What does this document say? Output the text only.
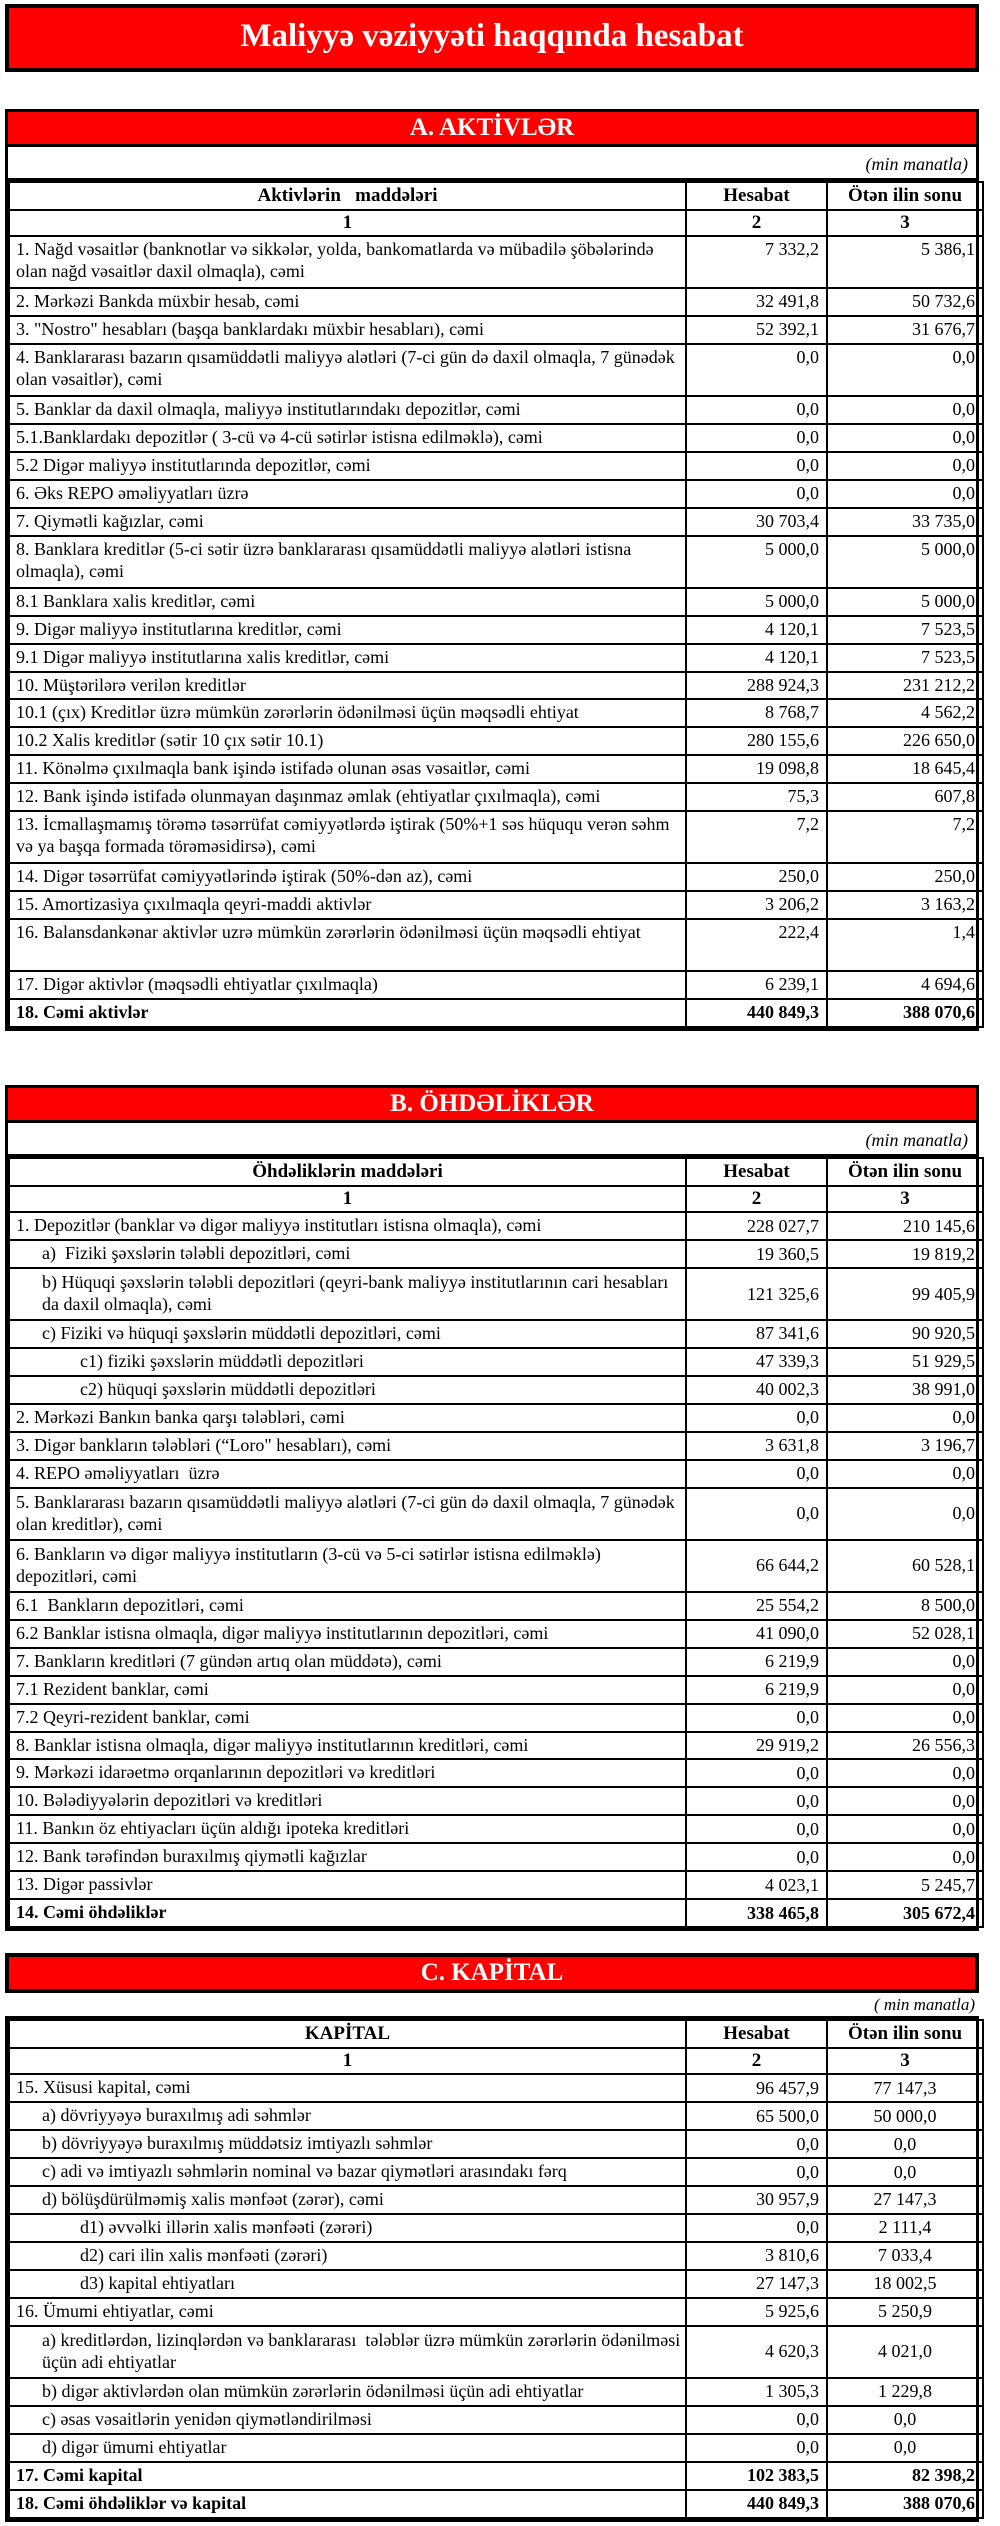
Maliyyə vəziyyəti haqqında hesabat
A. AKTİVLƏR
(min manatla)
Aktivlərin   maddələri	Hesabat	Ötən ilin sonu
1	2	3
1. Nağd vəsaitlər (banknotlar və sikkələr, yolda, bankomatlarda və mübadilə şöbələrində olan nağd vəsaitlər daxil olmaqla), cəmi	7 332,2	5 386,1
2. Mərkəzi Bankda müxbir hesab, cəmi	32 491,8	50 732,6
3. "Nostro" hesabları (başqa banklardakı müxbir hesabları), cəmi	52 392,1	31 676,7
4. Banklararası bazarın qısamüddətli maliyyə alətləri (7-ci gün də daxil olmaqla, 7 günədək olan vəsaitlər), cəmi	0,0	0,0
5. Banklar da daxil olmaqla, maliyyə institutlarındakı depozitlər, cəmi	0,0	0,0
5.1.Banklardakı depozitlər ( 3-cü və 4-cü sətirlər istisna edilməklə), cəmi	0,0	0,0
5.2 Digər maliyyə institutlarında depozitlər, cəmi	0,0	0,0
6. Əks REPO əməliyyatları üzrə	0,0	0,0
7. Qiymətli kağızlar, cəmi	30 703,4	33 735,0
8. Banklara kreditlər (5-ci sətir üzrə banklararası qısamüddətli maliyyə alətləri istisna olmaqla), cəmi	5 000,0	5 000,0
8.1 Banklara xalis kreditlər, cəmi	5 000,0	5 000,0
9. Digər maliyyə institutlarına kreditlər, cəmi	4 120,1	7 523,5
9.1 Digər maliyyə institutlarına xalis kreditlər, cəmi	4 120,1	7 523,5
10. Müştərilərə verilən kreditlər	288 924,3	231 212,2
10.1 (çıx) Kreditlər üzrə mümkün zərərlərin ödənilməsi üçün məqsədli ehtiyat	8 768,7	4 562,2
10.2 Xalis kreditlər (sətir 10 çıx sətir 10.1)	280 155,6	226 650,0
11. Könəlmə çıxılmaqla bank işində istifadə olunan əsas vəsaitlər, cəmi	19 098,8	18 645,4
12. Bank işində istifadə olunmayan daşınmaz əmlak (ehtiyatlar çıxılmaqla), cəmi	75,3	607,8
13. İcmallaşmamış törəmə təsərrüfat cəmiyyətlərdə iştirak (50%+1 səs hüququ verən səhm və ya başqa formada törəməsidirsə), cəmi	7,2	7,2
14. Digər təsərrüfat cəmiyyətlərində iştirak (50%-dən az), cəmi	250,0	250,0
15. Amortizasiya çıxılmaqla qeyri-maddi aktivlər	3 206,2	3 163,2
16. Balansdankənar aktivlər uzrə mümkün zərərlərin ödənilməsi üçün məqsədli ehtiyat	222,4	1,4
17. Digər aktivlər (məqsədli ehtiyatlar çıxılmaqla)	6 239,1	4 694,6
18. Cəmi aktivlər	440 849,3	388 070,6
B. ÖHDƏLİKLƏR
(min manatla)
Öhdəliklərin maddələri	Hesabat	Ötən ilin sonu
1	2	3
1. Depozitlər (banklar və digər maliyyə institutları istisna olmaqla), cəmi	228 027,7	210 145,6
a)  Fiziki şəxslərin tələbli depozitləri, cəmi	19 360,5	19 819,2
b) Hüquqi şəxslərin tələbli depozitləri (qeyri-bank maliyyə institutlarının cari hesabları da daxil olmaqla), cəmi	121 325,6	99 405,9
c) Fiziki və hüquqi şəxslərin müddətli depozitləri, cəmi	87 341,6	90 920,5
c1) fiziki şəxslərin müddətli depozitləri	47 339,3	51 929,5
c2) hüquqi şəxslərin müddətli depozitləri	40 002,3	38 991,0
2. Mərkəzi Bankın banka qarşı tələbləri, cəmi	0,0	0,0
3. Digər bankların tələbləri (“Loro" hesabları), cəmi	3 631,8	3 196,7
4. REPO əməliyyatları  üzrə	0,0	0,0
5. Banklararası bazarın qısamüddətli maliyyə alətləri (7-ci gün də daxil olmaqla, 7 günədək olan kreditlər), cəmi	0,0	0,0
6. Bankların və digər maliyyə institutların (3-cü və 5-ci sətirlər istisna edilməklə) depozitləri, cəmi	66 644,2	60 528,1
6.1  Bankların depozitləri, cəmi	25 554,2	8 500,0
6.2 Banklar istisna olmaqla, digər maliyyə institutlarının depozitləri, cəmi	41 090,0	52 028,1
7. Bankların kreditləri (7 gündən artıq olan müddətə), cəmi	6 219,9	0,0
7.1 Rezident banklar, cəmi	6 219,9	0,0
7.2 Qeyri-rezident banklar, cəmi	0,0	0,0
8. Banklar istisna olmaqla, digər maliyyə institutlarının kreditləri, cəmi	29 919,2	26 556,3
9. Mərkəzi idarəetmə orqanlarının depozitləri və kreditləri	0,0	0,0
10. Bələdiyyələrin depozitləri və kreditləri	0,0	0,0
11. Bankın öz ehtiyacları üçün aldığı ipoteka kreditləri	0,0	0,0
12. Bank tərəfindən buraxılmış qiymətli kağızlar	0,0	0,0
13. Digər passivlər	4 023,1	5 245,7
14. Cəmi öhdəliklər	338 465,8	305 672,4
C. KAPİTAL
( min manatla)
KAPİTAL	Hesabat	Ötən ilin sonu
1	2	3
15. Xüsusi kapital, cəmi	96 457,9	77 147,3
a) dövriyyəyə buraxılmış adi səhmlər	65 500,0	50 000,0
b) dövriyyəyə buraxılmış müddətsiz imtiyazlı səhmlər	0,0	0,0
c) adi və imtiyazlı səhmlərin nominal və bazar qiymətləri arasındakı fərq	0,0	0,0
d) bölüşdürülməmiş xalis mənfəət (zərər), cəmi	30 957,9	27 147,3
d1) əvvəlki illərin xalis mənfəəti (zərəri)	0,0	2 111,4
d2) cari ilin xalis mənfəəti (zərəri)	3 810,6	7 033,4
d3) kapital ehtiyatları	27 147,3	18 002,5
16. Ümumi ehtiyatlar, cəmi	5 925,6	5 250,9
a) kreditlərdən, lizinqlərdən və banklararası  tələblər üzrə mümkün zərərlərin ödənilməsi üçün adi ehtiyatlar	4 620,3	4 021,0
b) digər aktivlərdən olan mümkün zərərlərin ödənilməsi üçün adi ehtiyatlar	1 305,3	1 229,8
c) əsas vəsaitlərin yenidən qiymətləndirilməsi	0,0	0,0
d) digər ümumi ehtiyatlar	0,0	0,0
17. Cəmi kapital	102 383,5	82 398,2
18. Cəmi öhdəliklər və kapital	440 849,3	388 070,6
